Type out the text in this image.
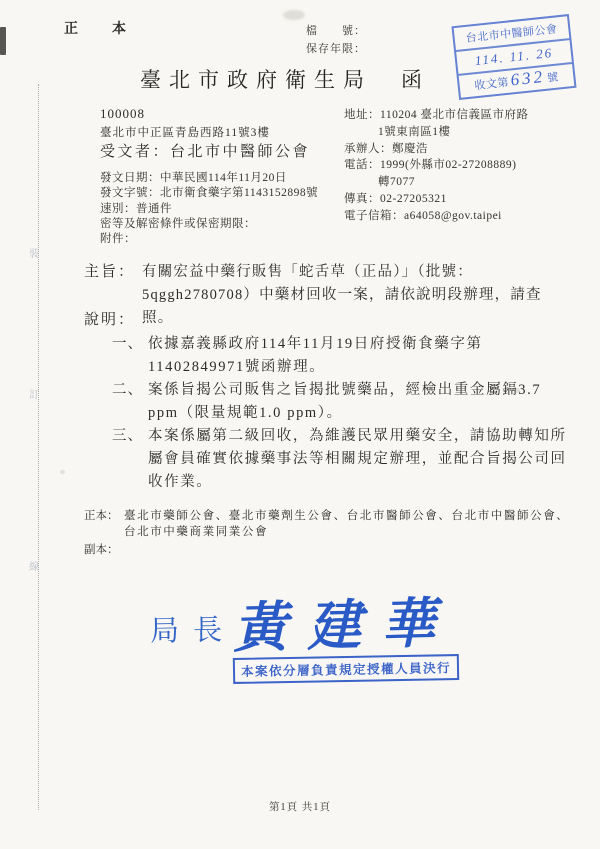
裝
訂
線
正　本	檔　　號：
保存年限：
台北市中醫師公會
114. 11. 26
收文第 632 號
臺北市政府衛生局　函
100008
臺北市中正區青島西路11號3樓
受文者：台北市中醫師公會
發文日期：中華民國114年11月20日
發文字號：北市衛食藥字第1143152898號
速別：普通件
密等及解密條件或保密期限：
附件：
地址：110204 臺北市信義區市府路
1號東南區1樓
承辦人：鄭慶浩
電話：1999(外縣市02-27208889)
轉7077
傳真：02-27205321
電子信箱：a64058@gov.taipei
主旨： 有關宏益中藥行販售「蛇舌草（正品）」（批號：5qggh2780708）中藥材回收一案，請依說明段辦理，請查照。
說明：
一、 依據嘉義縣政府114年11月19日府授衛食藥字第11402849971號函辦理。
二、 案係旨揭公司販售之旨揭批號藥品，經檢出重金屬鎘3.7 ppm（限量規範1.0 ppm）。
三、 本案係屬第二級回收，為維護民眾用藥安全，請協助轉知所屬會員確實依據藥事法等相關規定辦理，並配合旨揭公司回收作業。
正本： 臺北市藥師公會、臺北市藥劑生公會、台北市醫師公會、台北市中醫師公會、台北市中藥商業同業公會
副本：
局長
黃建華
本案依分層負責規定授權人員決行
第1頁 共1頁
